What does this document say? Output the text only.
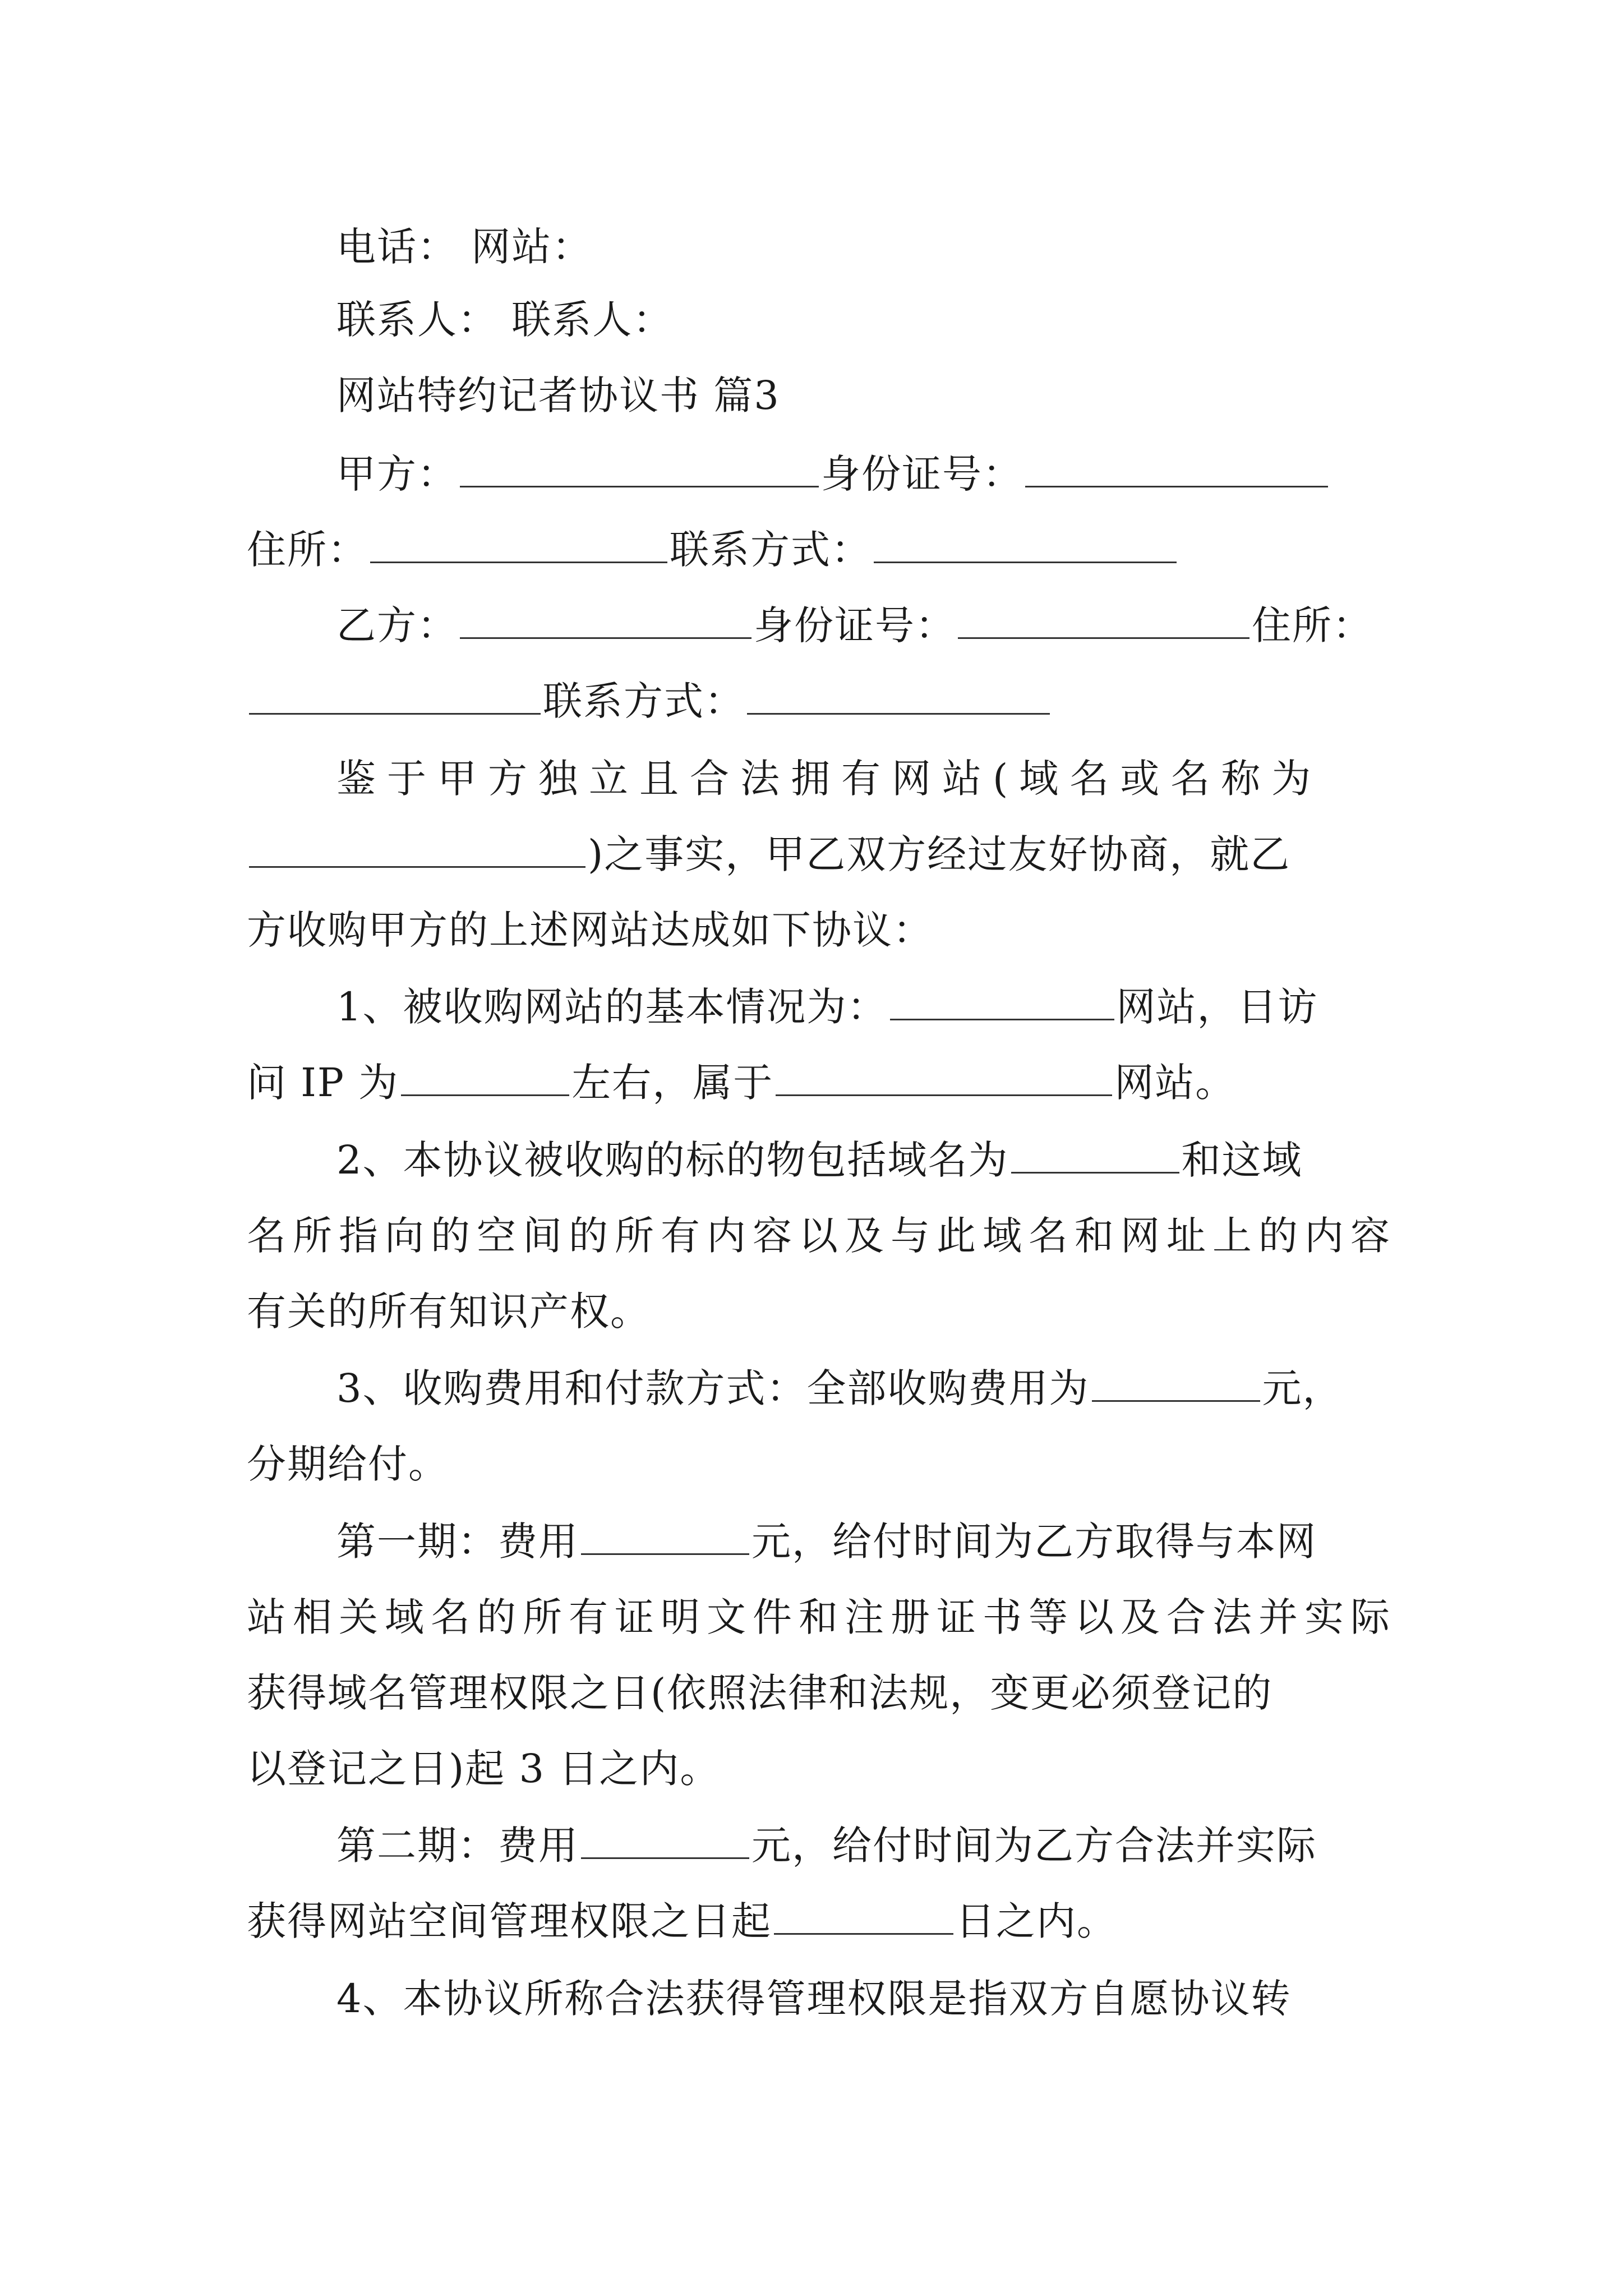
电话： 网站：
联系人： 联系人：
网站特约记者协议书 篇3
甲方：	身份证号：
住所：	联系方式：
乙方：	身份证号：	住所：
联系方式：
鉴于甲方独立且合法拥有网站(域名或名称为
)之事实，甲乙双方经过友好协商，就乙
方收购甲方的上述网站达成如下协议：
1、被收购网站的基本情况为：	网站，日访
问 IP 为	左右，属于	网站。
2、本协议被收购的标的物包括域名为	和这域
名所指向的空间的所有内容以及与此域名和网址上的内容
有关的所有知识产权。
3、收购费用和付款方式：全部收购费用为	元，
分期给付。
第一期：费用	元，给付时间为乙方取得与本网
站相关域名的所有证明文件和注册证书等以及合法并实际
获得域名管理权限之日(依照法律和法规，变更必须登记的
以登记之日)起 3 日之内。
第二期：费用	元，给付时间为乙方合法并实际
获得网站空间管理权限之日起	日之内。
4、本协议所称合法获得管理权限是指双方自愿协议转
